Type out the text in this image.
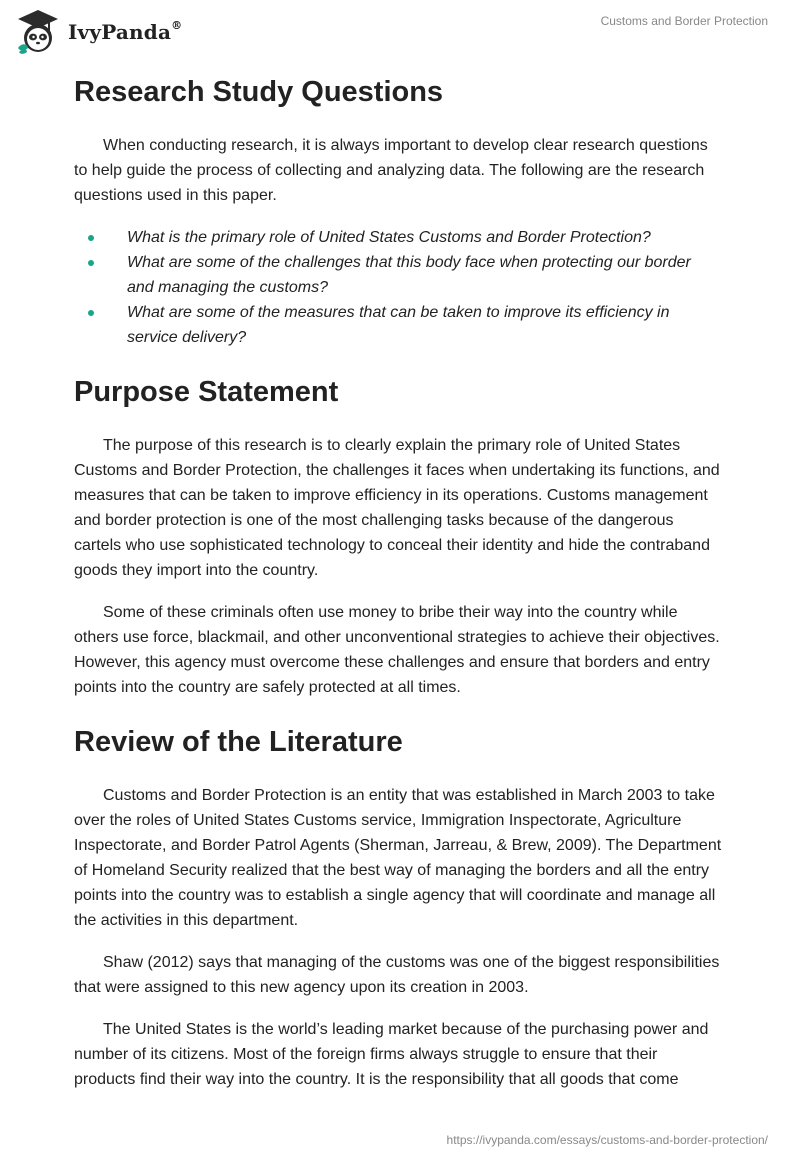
IvyPanda®	Customs and Border Protection
Research Study Questions

When conducting research, it is always important to develop clear research questions to help guide the process of collecting and analyzing data. The following are the research questions used in this paper.

What is the primary role of United States Customs and Border Protection?
What are some of the challenges that this body face when protecting our border and managing the customs?
What are some of the measures that can be taken to improve its efficiency in service delivery?
Purpose Statement

The purpose of this research is to clearly explain the primary role of United States Customs and Border Protection, the challenges it faces when undertaking its functions, and measures that can be taken to improve efficiency in its operations. Customs management and border protection is one of the most challenging tasks because of the dangerous cartels who use sophisticated technology to conceal their identity and hide the contraband goods they import into the country.

Some of these criminals often use money to bribe their way into the country while others use force, blackmail, and other unconventional strategies to achieve their objectives. However, this agency must overcome these challenges and ensure that borders and entry points into the country are safely protected at all times.

Review of the Literature

Customs and Border Protection is an entity that was established in March 2003 to take over the roles of United States Customs service, Immigration Inspectorate, Agriculture Inspectorate, and Border Patrol Agents (Sherman, Jarreau, & Brew, 2009). The Department of Homeland Security realized that the best way of managing the borders and all the entry points into the country was to establish a single agency that will coordinate and manage all the activities in this department.

Shaw (2012) says that managing of the customs was one of the biggest responsibilities that were assigned to this new agency upon its creation in 2003.

The United States is the world’s leading market because of the purchasing power and number of its citizens. Most of the foreign firms always struggle to ensure that their products find their way into the country. It is the responsibility that all goods that come

https://ivypanda.com/essays/customs-and-border-protection/
